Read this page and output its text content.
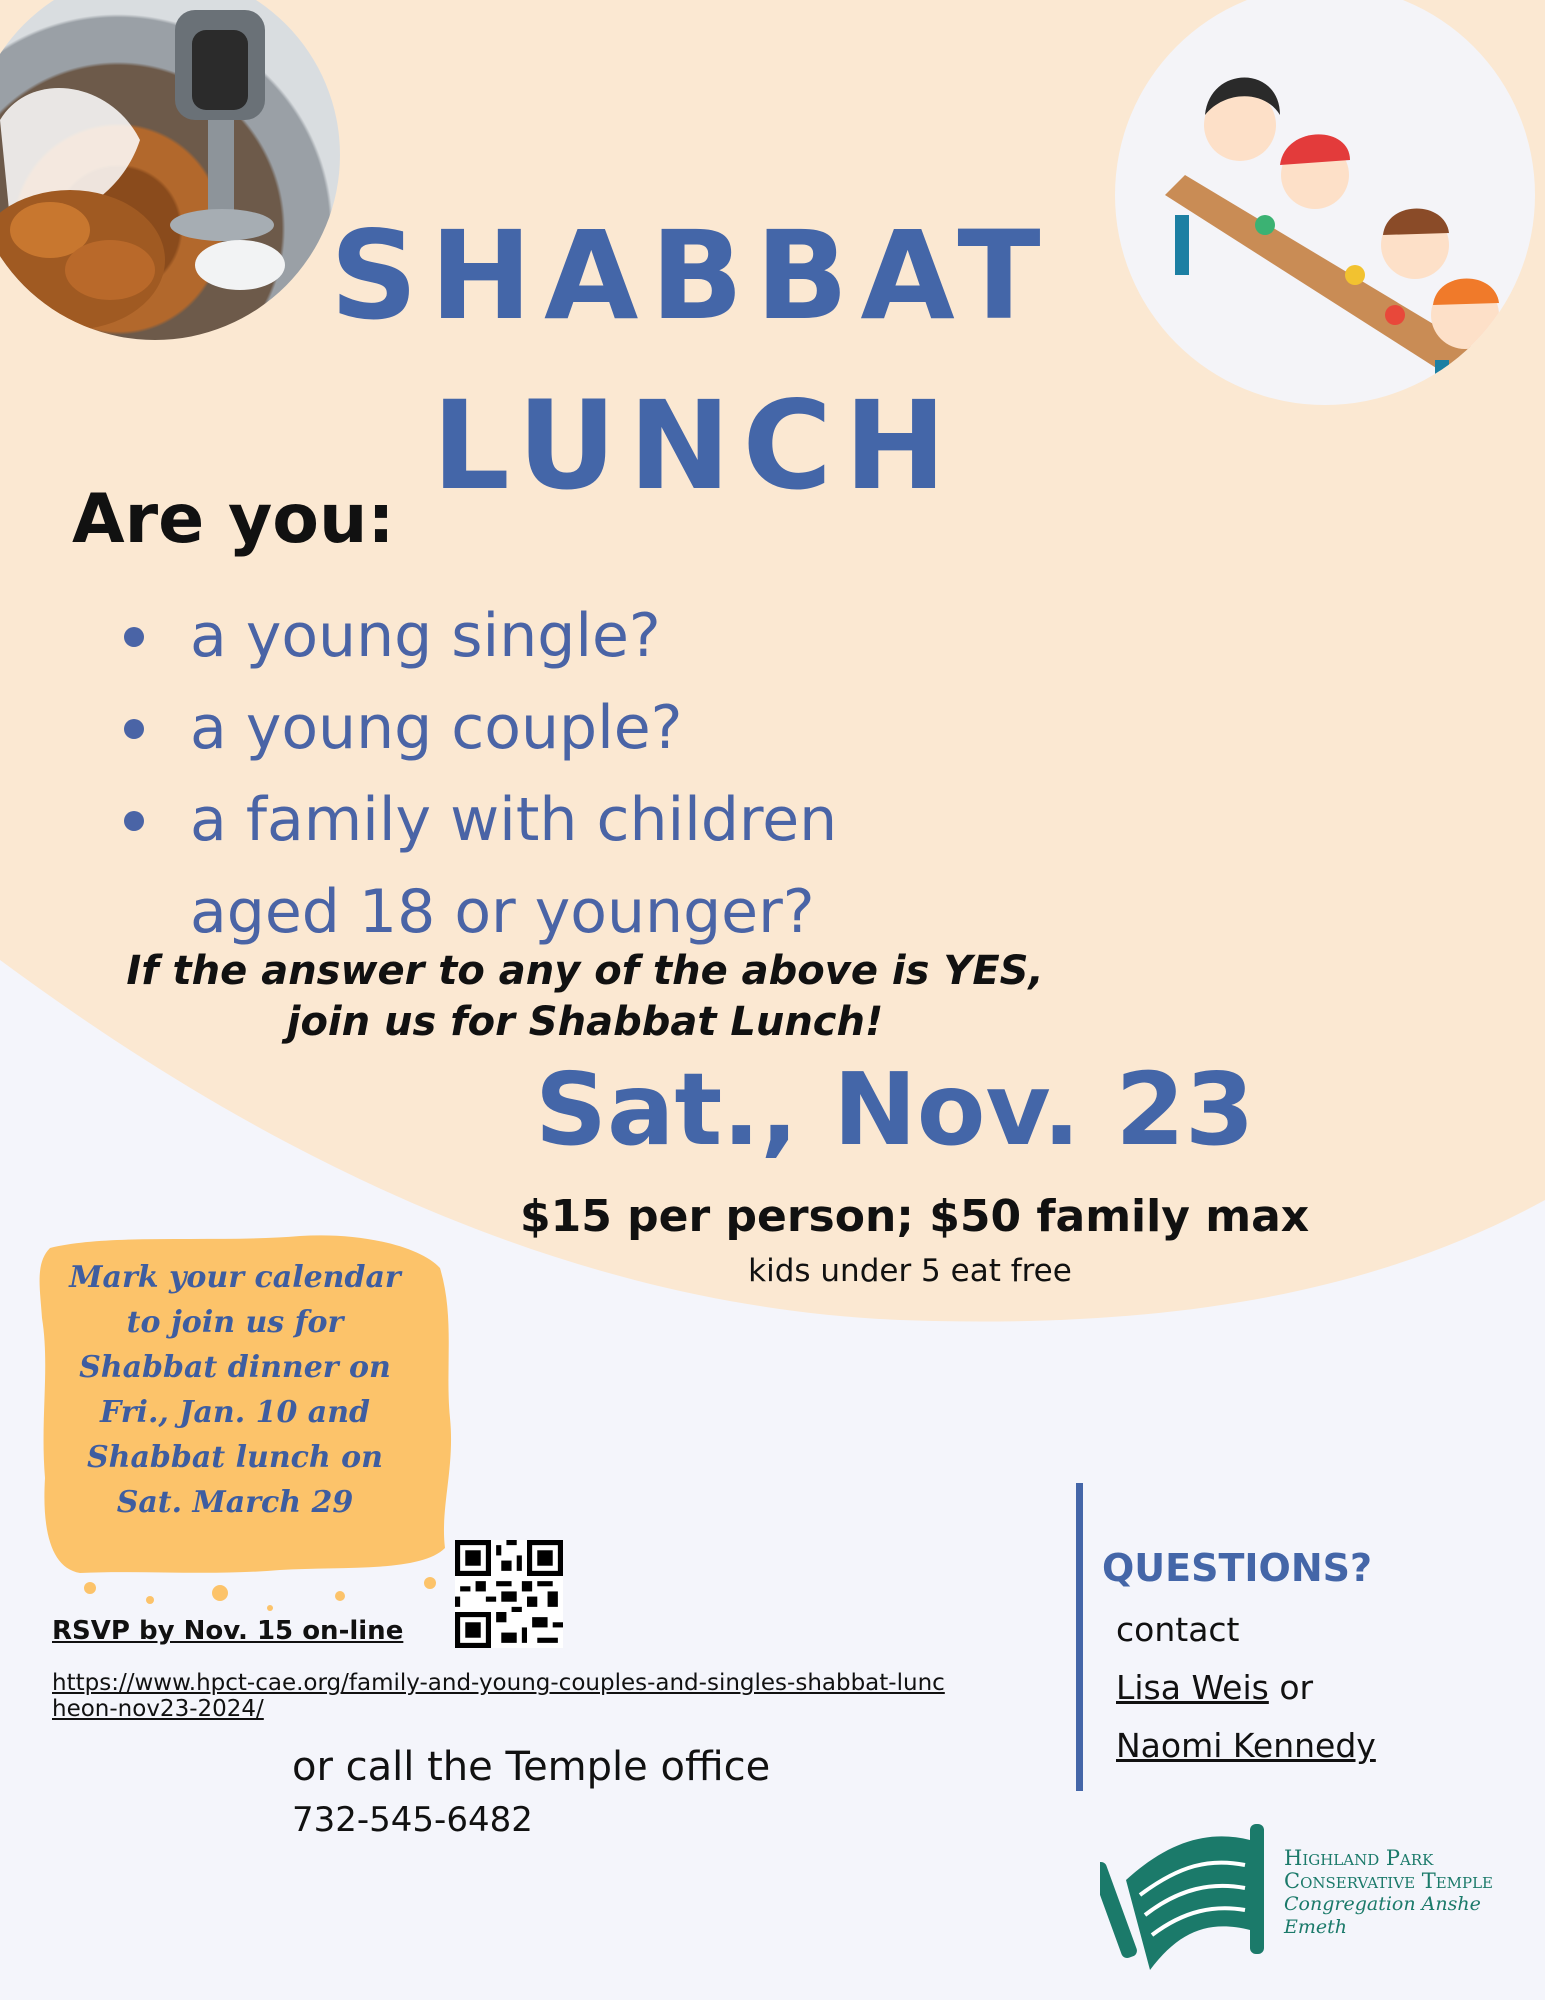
SHABBAT
LUNCH
Are you:
a young single?
a young couple?
a family with children aged 18 or younger?
If the answer to any of the above is YES,
join us for Shabbat Lunch!
Sat., Nov. 23
$15 per person; $50 family max
kids under 5 eat free
Mark your calendar
to join us for
Shabbat dinner on
Fri., Jan. 10 and
Shabbat lunch on
Sat. March 29
RSVP by Nov. 15 on-line
https://www.hpct-cae.org/family-and-young-couples-and-singles-shabbat-luncheon-nov23-2024/
or call the Temple office
732-545-6482
QUESTIONS?
contact
Lisa Weis or
Naomi Kennedy
Highland Park
Conservative Temple
Congregation Anshe Emeth
